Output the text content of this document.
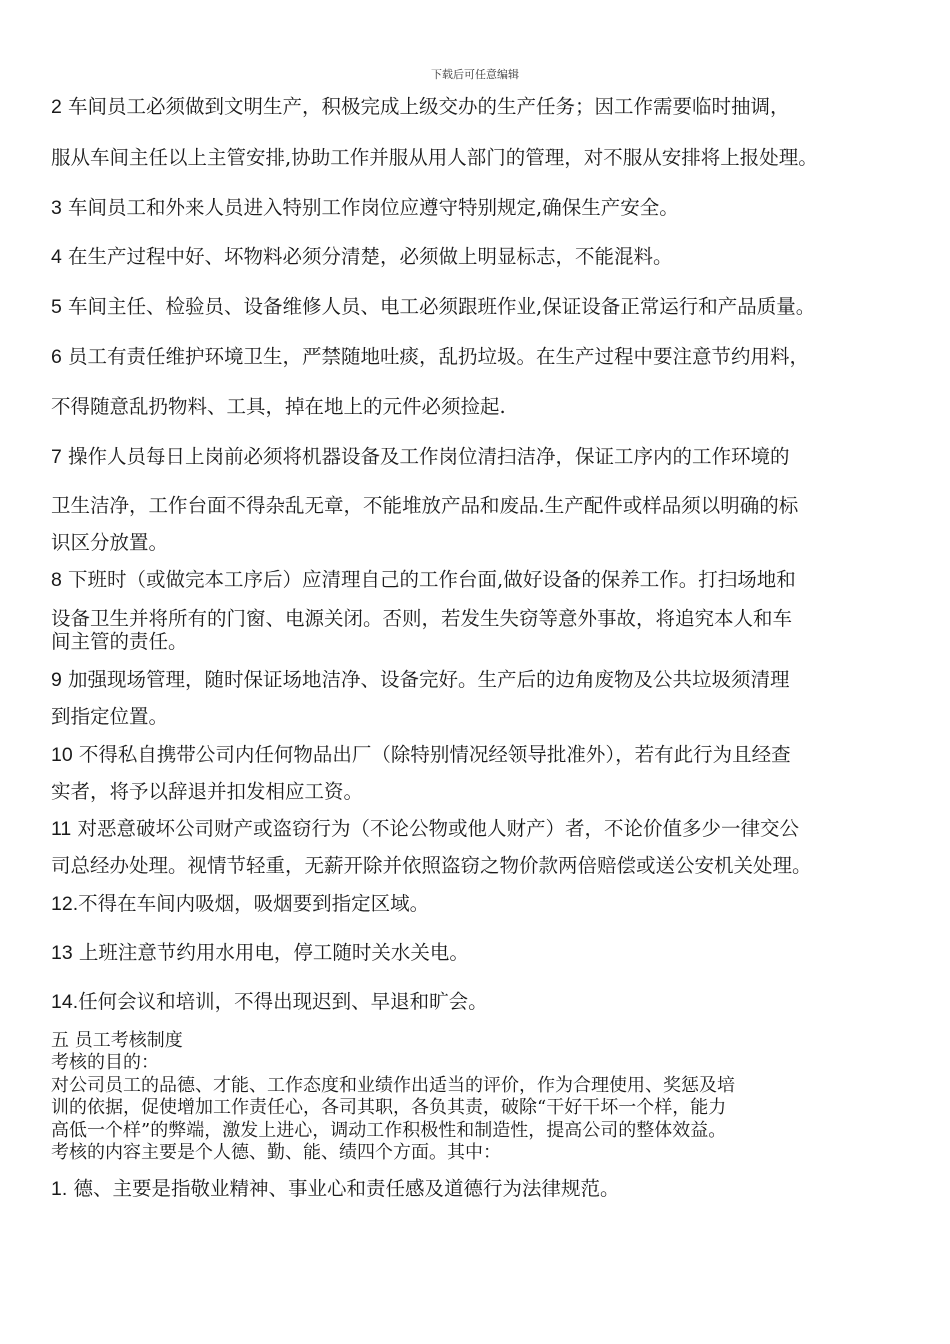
下载后可任意编辑
2 车间员工必须做到文明生产，积极完成上级交办的生产任务；因工作需要临时抽调，
服从车间主任以上主管安排,协助工作并服从用人部门的管理，对不服从安排将上报处理。
3 车间员工和外来人员进入特别工作岗位应遵守特别规定,确保生产安全。
4 在生产过程中好、坏物料必须分清楚，必须做上明显标志，不能混料。
5 车间主任、检验员、设备维修人员、电工必须跟班作业,保证设备正常运行和产品质量。
6 员工有责任维护环境卫生，严禁随地吐痰，乱扔垃圾。在生产过程中要注意节约用料，
不得随意乱扔物料、工具，掉在地上的元件必须捡起.
7 操作人员每日上岗前必须将机器设备及工作岗位清扫洁净，保证工序内的工作环境的
卫生洁净，工作台面不得杂乱无章，不能堆放产品和废品.生产配件或样品须以明确的标
识区分放置。
8 下班时（或做完本工序后）应清理自己的工作台面,做好设备的保养工作。打扫场地和
设备卫生并将所有的门窗、电源关闭。否则，若发生失窃等意外事故，将追究本人和车
间主管的责任。
9 加强现场管理，随时保证场地洁净、设备完好。生产后的边角废物及公共垃圾须清理
到指定位置。
10 不得私自携带公司内任何物品出厂（除特别情况经领导批准外），若有此行为且经查
实者，将予以辞退并扣发相应工资。
11 对恶意破坏公司财产或盗窃行为（不论公物或他人财产）者，不论价值多少一律交公
司总经办处理。视情节轻重，无薪开除并依照盗窃之物价款两倍赔偿或送公安机关处理。
12.不得在车间内吸烟，吸烟要到指定区域。
13 上班注意节约用水用电，停工随时关水关电。
14.任何会议和培训，不得出现迟到、早退和旷会。
五 员工考核制度
考核的目的：
对公司员工的品德、才能、工作态度和业绩作出适当的评价，作为合理使用、奖惩及培
训的依据，促使增加工作责任心，各司其职，各负其责，破除“干好干坏一个样，能力
高低一个样”的弊端，激发上进心，调动工作积极性和制造性，提高公司的整体效益。
考核的内容主要是个人德、勤、能、绩四个方面。其中：
1. 德、主要是指敬业精神、事业心和责任感及道德行为法律规范。
